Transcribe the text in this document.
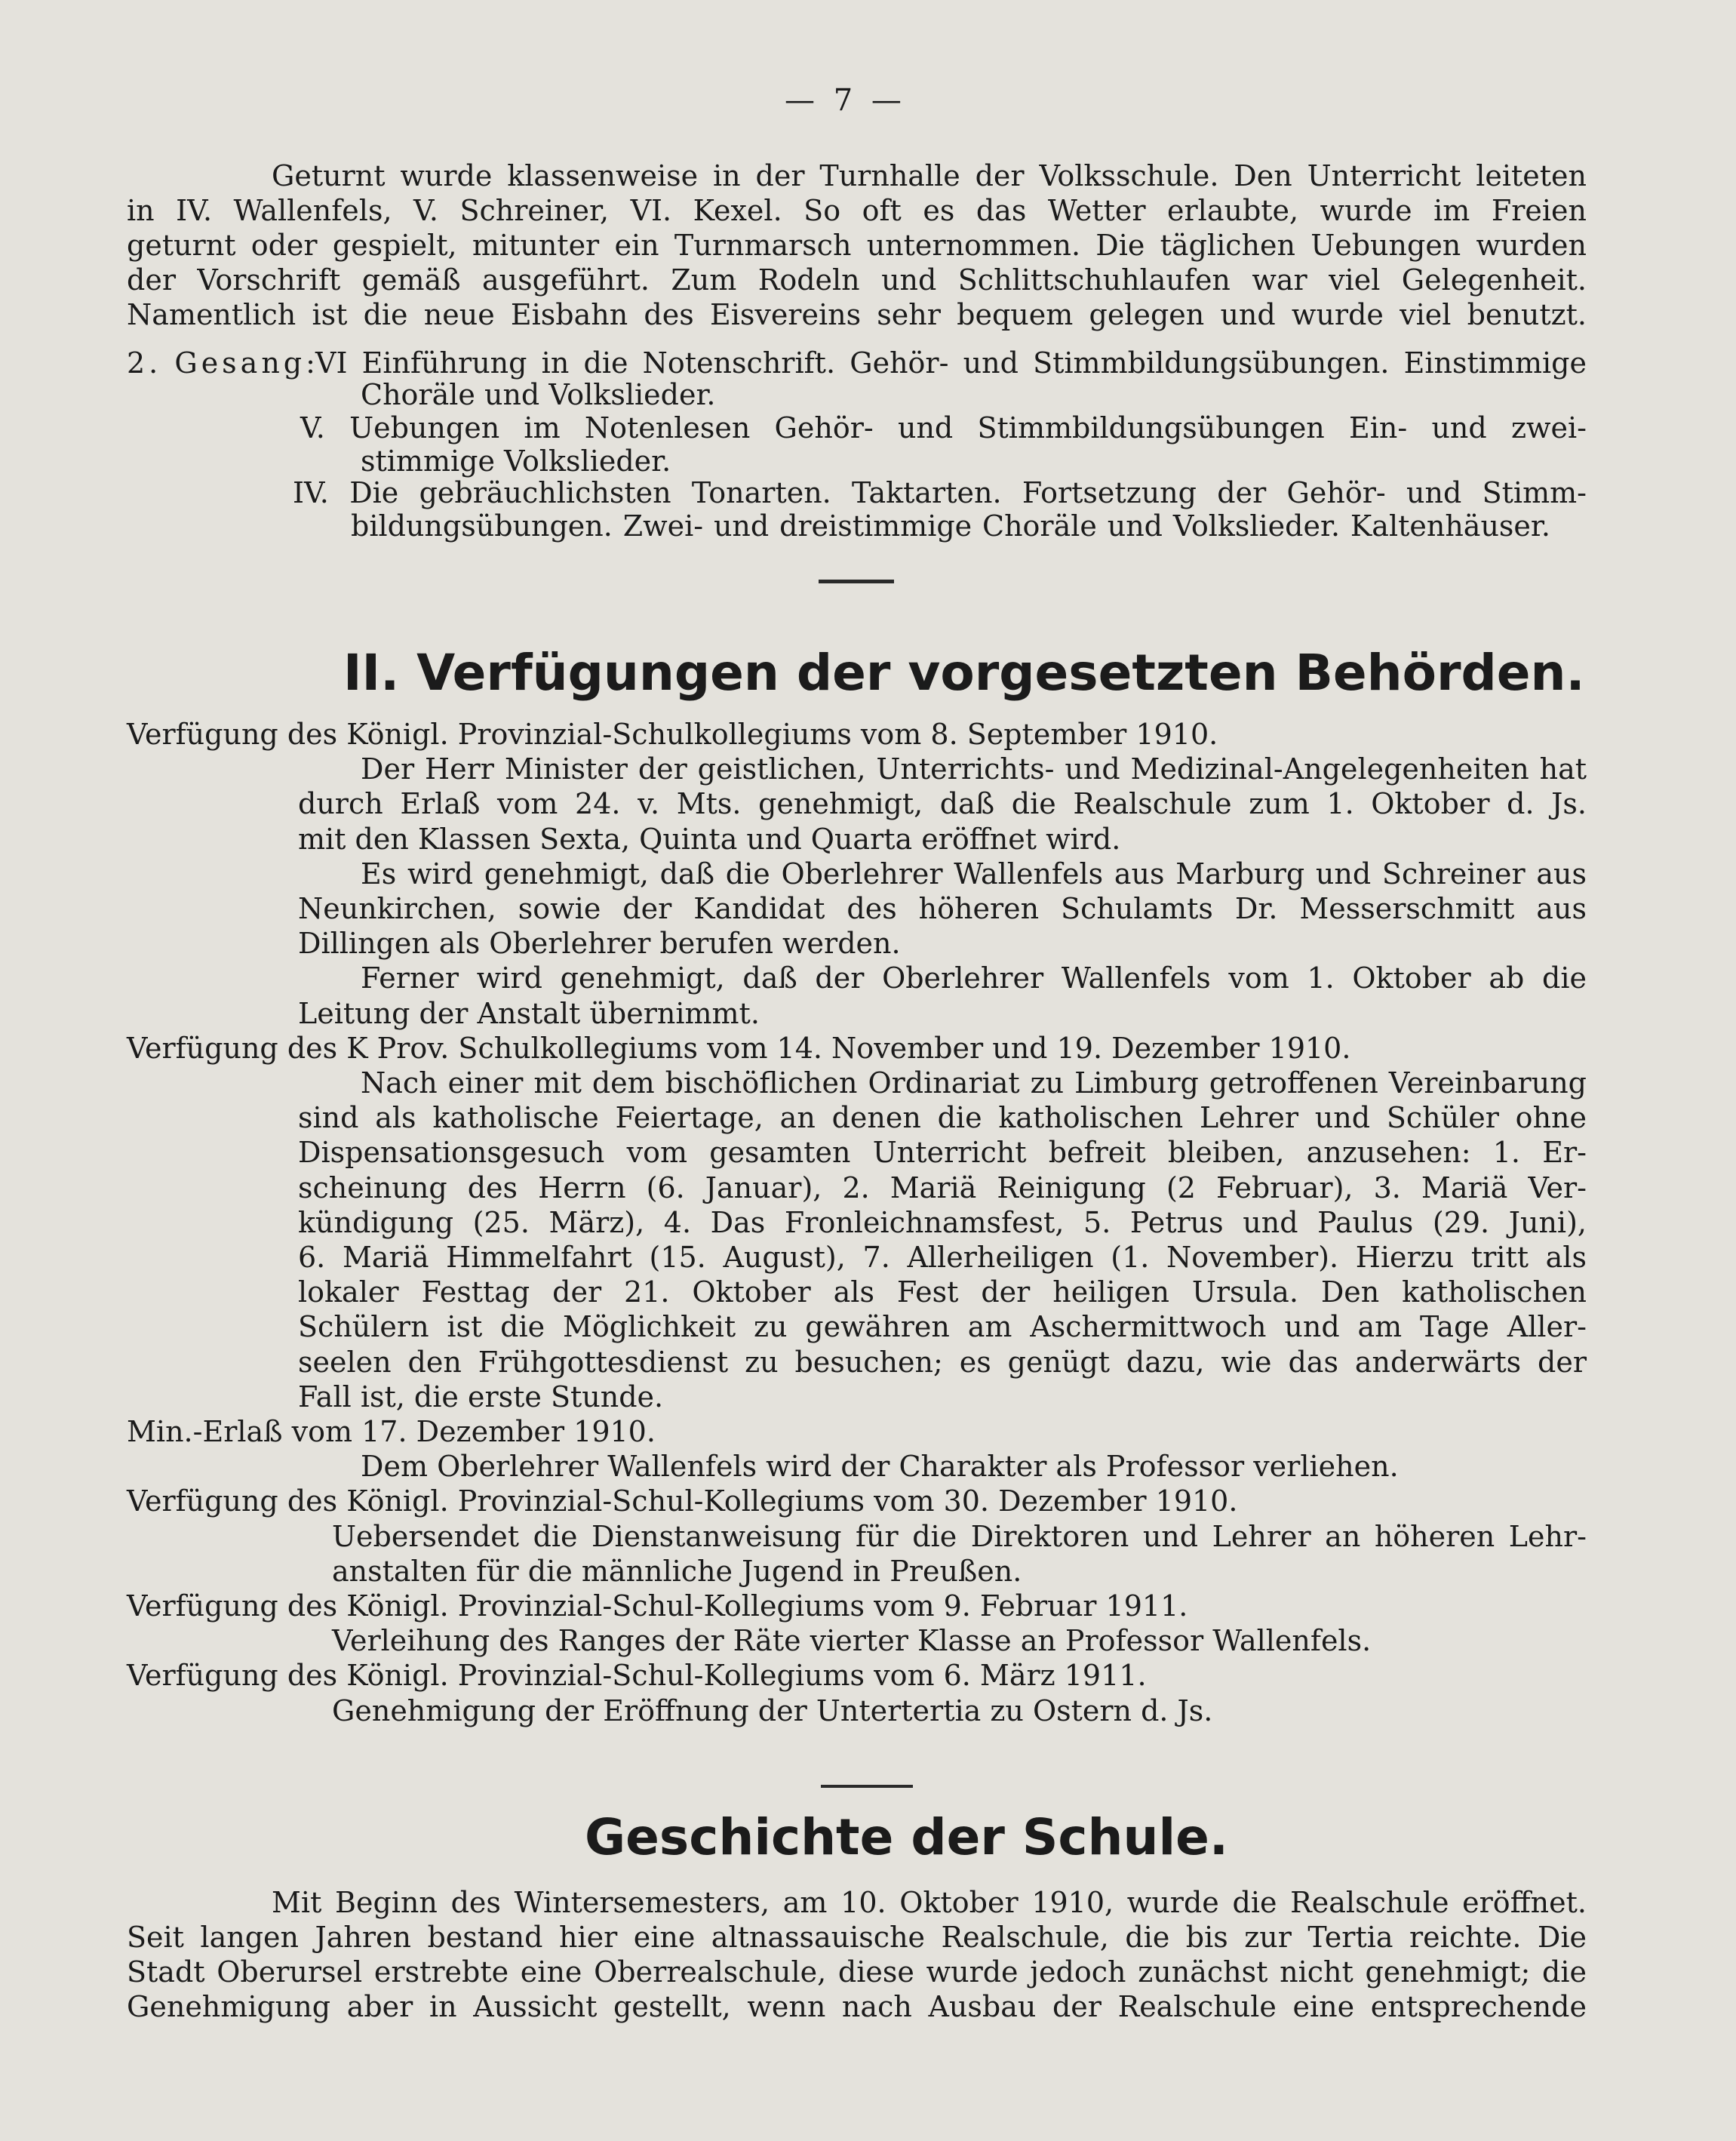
— 7 —
Geturnt wurde klassenweise in der Turnhalle der Volksschule. Den Unterricht leiteten
in IV. Wallenfels, V. Schreiner, VI. Kexel. So oft es das Wetter erlaubte, wurde im Freien
geturnt oder gespielt, mitunter ein Turnmarsch unternommen. Die täglichen Uebungen wurden
der Vorschrift gemäß ausgeführt. Zum Rodeln und Schlittschuhlaufen war viel Gelegenheit.
Namentlich ist die neue Eisbahn des Eisvereins sehr bequem gelegen und wurde viel benutzt.
2. Gesang:
VI Einführung in die Notenschrift. Gehör- und Stimmbildungsübungen. Einstimmige
Choräle und Volkslieder.
V. Uebungen im Notenlesen Gehör- und Stimmbildungsübungen Ein- und zwei-
stimmige Volkslieder.
IV. Die gebräuchlichsten Tonarten. Taktarten. Fortsetzung der Gehör- und Stimm-
bildungsübungen. Zwei- und dreistimmige Choräle und Volkslieder. Kaltenhäuser.
II. Verfügungen der vorgesetzten Behörden.
Verfügung des Königl. Provinzial-Schulkollegiums vom 8. September 1910.
Der Herr Minister der geistlichen, Unterrichts- und Medizinal-Angelegenheiten hat
durch Erlaß vom 24. v. Mts. genehmigt, daß die Realschule zum 1. Oktober d. Js.
mit den Klassen Sexta, Quinta und Quarta eröffnet wird.
Es wird genehmigt, daß die Oberlehrer Wallenfels aus Marburg und Schreiner aus
Neunkirchen, sowie der Kandidat des höheren Schulamts Dr. Messerschmitt aus
Dillingen als Oberlehrer berufen werden.
Ferner wird genehmigt, daß der Oberlehrer Wallenfels vom 1. Oktober ab die
Leitung der Anstalt übernimmt.
Verfügung des K Prov. Schulkollegiums vom 14. November und 19. Dezember 1910.
Nach einer mit dem bischöflichen Ordinariat zu Limburg getroffenen Vereinbarung
sind als katholische Feiertage, an denen die katholischen Lehrer und Schüler ohne
Dispensationsgesuch vom gesamten Unterricht befreit bleiben, anzusehen: 1. Er-
scheinung des Herrn (6. Januar), 2. Mariä Reinigung (2 Februar), 3. Mariä Ver-
kündigung (25. März), 4. Das Fronleichnamsfest, 5. Petrus und Paulus (29. Juni),
6. Mariä Himmelfahrt (15. August), 7. Allerheiligen (1. November). Hierzu tritt als
lokaler Festtag der 21. Oktober als Fest der heiligen Ursula. Den katholischen
Schülern ist die Möglichkeit zu gewähren am Aschermittwoch und am Tage Aller-
seelen den Frühgottesdienst zu besuchen; es genügt dazu, wie das anderwärts der
Fall ist, die erste Stunde.
Min.-Erlaß vom 17. Dezember 1910.
Dem Oberlehrer Wallenfels wird der Charakter als Professor verliehen.
Verfügung des Königl. Provinzial-Schul-Kollegiums vom 30. Dezember 1910.
Uebersendet die Dienstanweisung für die Direktoren und Lehrer an höheren Lehr-
anstalten für die männliche Jugend in Preußen.
Verfügung des Königl. Provinzial-Schul-Kollegiums vom 9. Februar 1911.
Verleihung des Ranges der Räte vierter Klasse an Professor Wallenfels.
Verfügung des Königl. Provinzial-Schul-Kollegiums vom 6. März 1911.
Genehmigung der Eröffnung der Untertertia zu Ostern d. Js.
Geschichte der Schule.
Mit Beginn des Wintersemesters, am 10. Oktober 1910, wurde die Realschule eröffnet.
Seit langen Jahren bestand hier eine altnassauische Realschule, die bis zur Tertia reichte. Die
Stadt Oberursel erstrebte eine Oberrealschule, diese wurde jedoch zunächst nicht genehmigt; die
Genehmigung aber in Aussicht gestellt, wenn nach Ausbau der Realschule eine entsprechende
